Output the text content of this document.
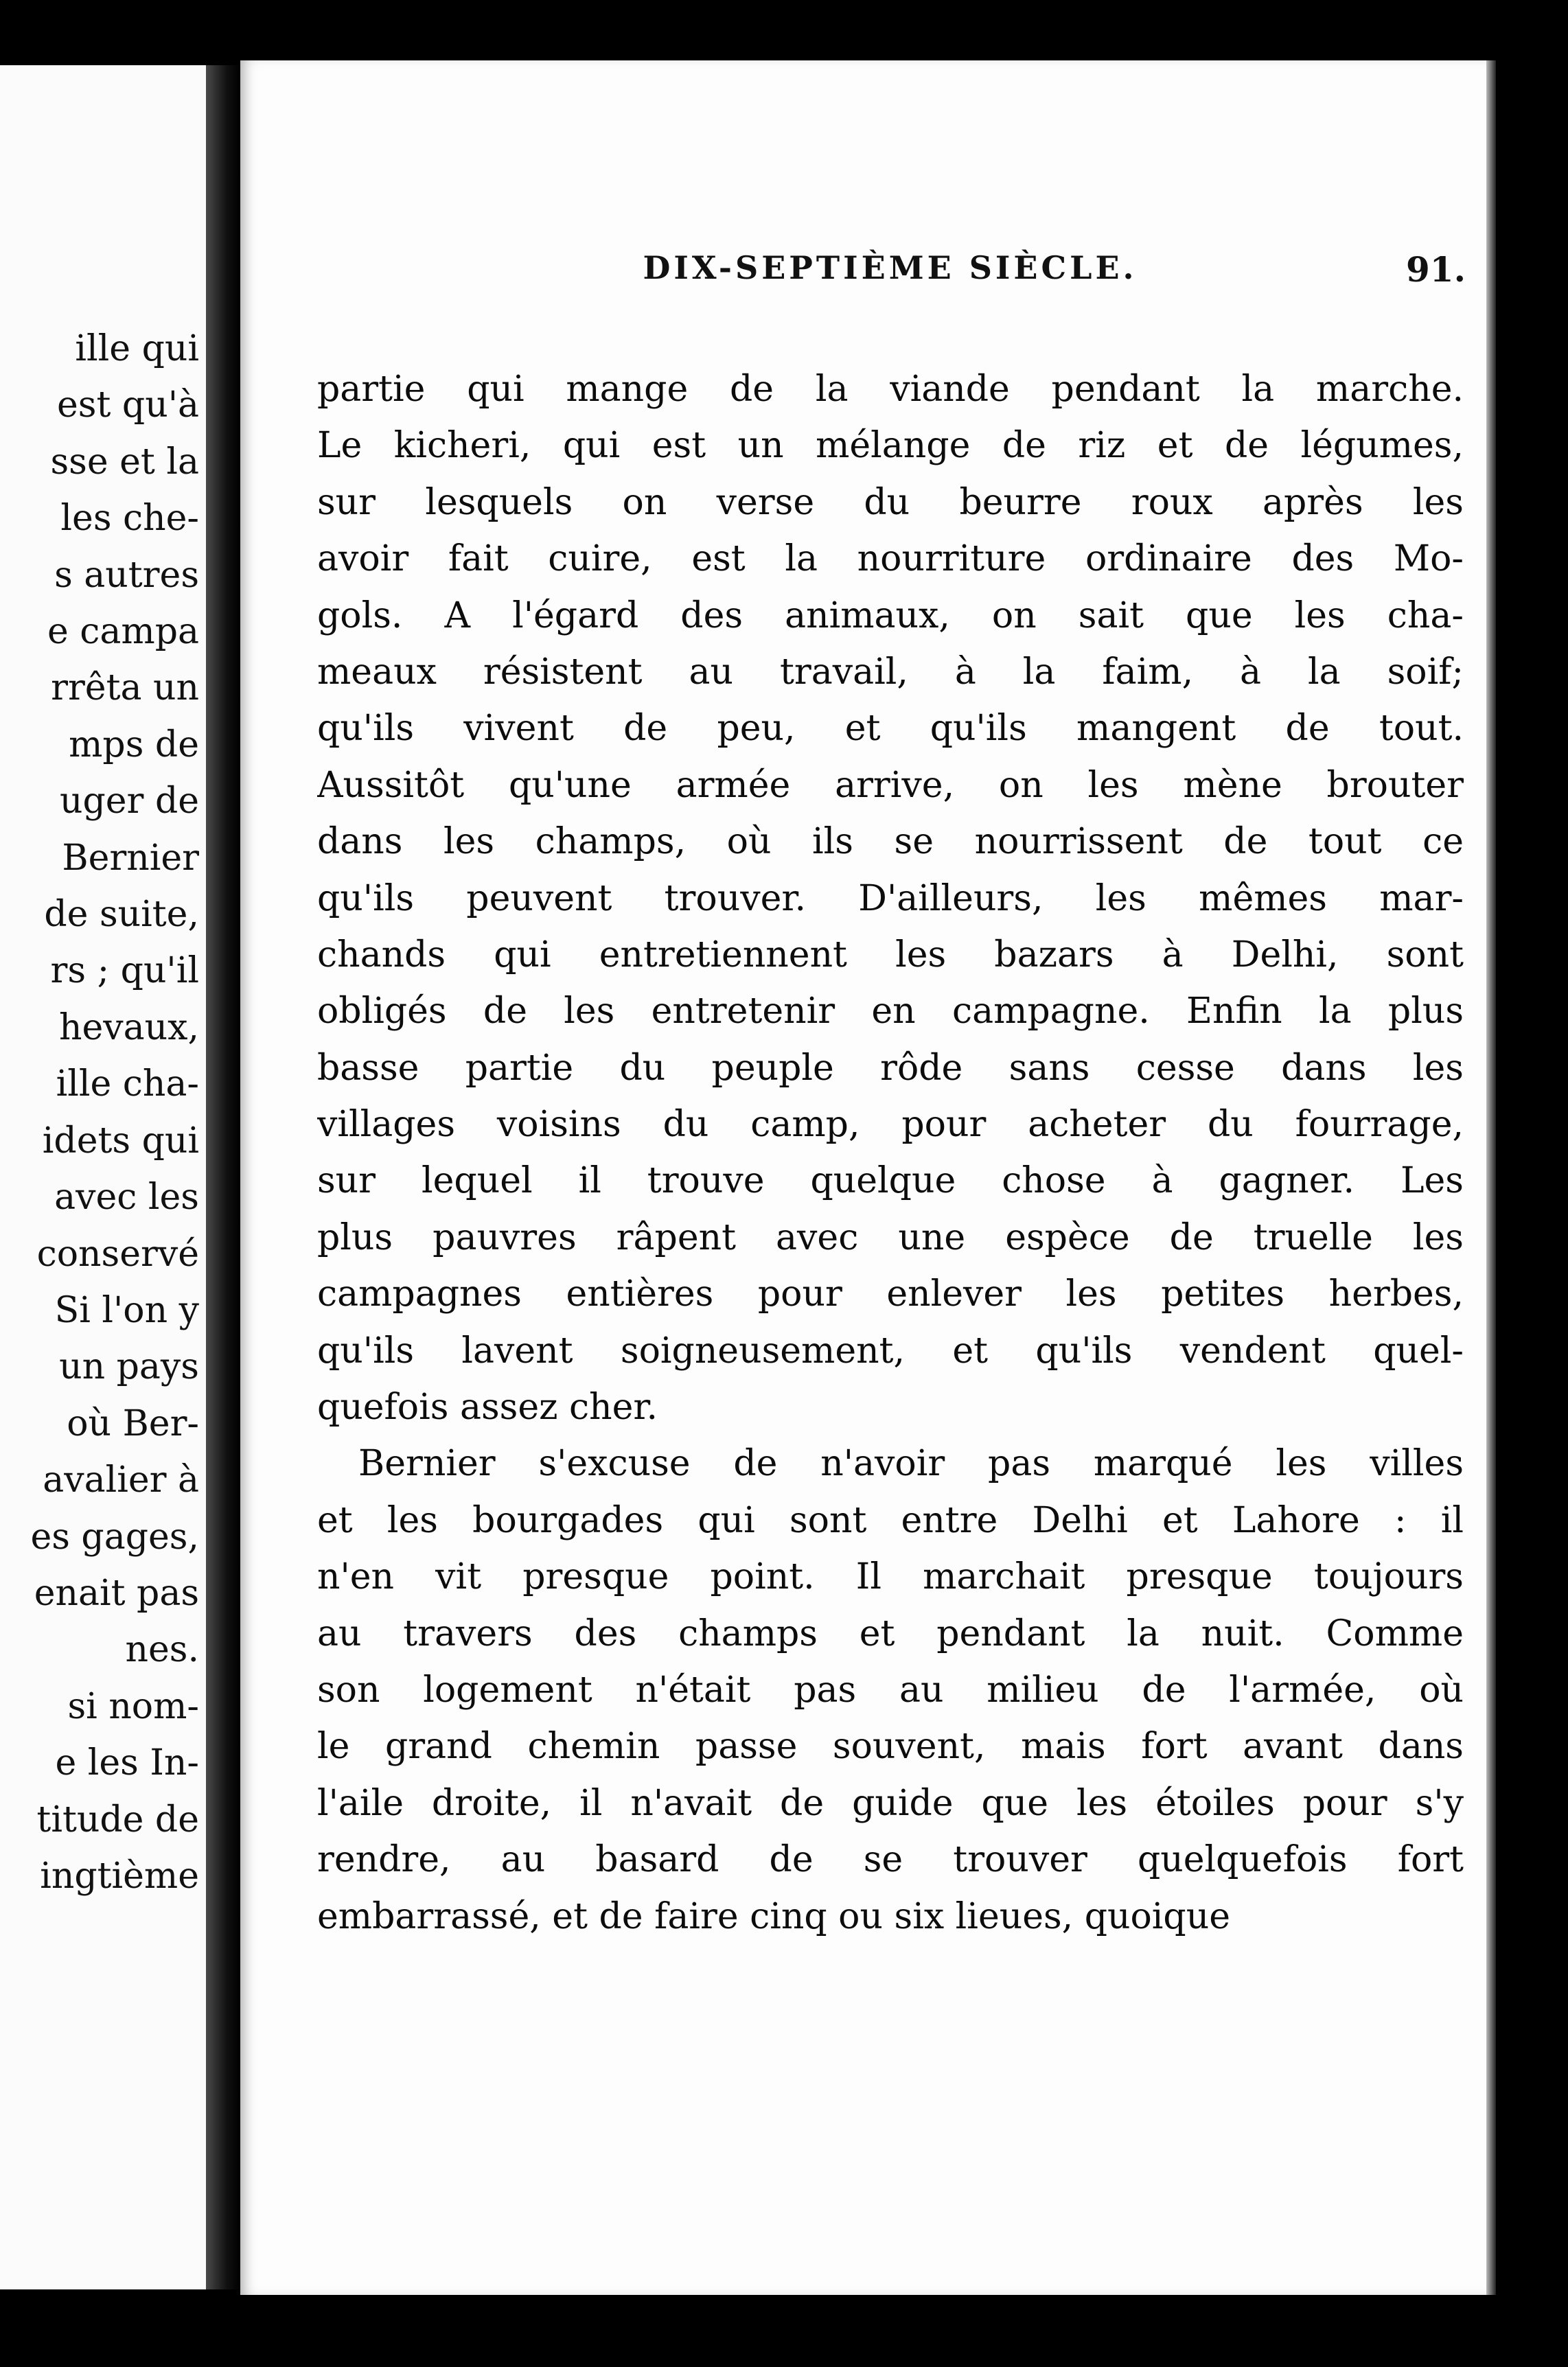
ille qui
est qu'à
sse et la
les che-
s autres
e campa
rrêta un
mps de
uger de
Bernier
de suite,
rs ; qu'il
hevaux,
ille cha-
idets qui
avec les
conservé
Si l'on y
un pays
où Ber-
avalier à
es gages,
enait pas
nes.
si nom-
e les In-
titude de
ingtième
DIX-SEPTIÈME SIÈCLE.	91.
partie qui mange de la viande pendant la marche.
Le kicheri, qui est un mélange de riz et de légumes,
sur lesquels on verse du beurre roux après les
avoir fait cuire, est la nourriture ordinaire des Mo-
gols. A l'égard des animaux, on sait que les cha-
meaux résistent au travail, à la faim, à la soif;
qu'ils vivent de peu, et qu'ils mangent de tout.
Aussitôt qu'une armée arrive, on les mène brouter
dans les champs, où ils se nourrissent de tout ce
qu'ils peuvent trouver. D'ailleurs, les mêmes mar-
chands qui entretiennent les bazars à Delhi, sont
obligés de les entretenir en campagne. Enfin la plus
basse partie du peuple rôde sans cesse dans les
villages voisins du camp, pour acheter du fourrage,
sur lequel il trouve quelque chose à gagner. Les
plus pauvres râpent avec une espèce de truelle les
campagnes entières pour enlever les petites herbes,
qu'ils lavent soigneusement, et qu'ils vendent quel-
quefois assez cher.
Bernier s'excuse de n'avoir pas marqué les villes
et les bourgades qui sont entre Delhi et Lahore : il
n'en vit presque point. Il marchait presque toujours
au travers des champs et pendant la nuit. Comme
son logement n'était pas au milieu de l'armée, où
le grand chemin passe souvent, mais fort avant dans
l'aile droite, il n'avait de guide que les étoiles pour s'y
rendre, au basard de se trouver quelquefois fort
embarrassé, et de faire cinq ou six lieues, quoique
